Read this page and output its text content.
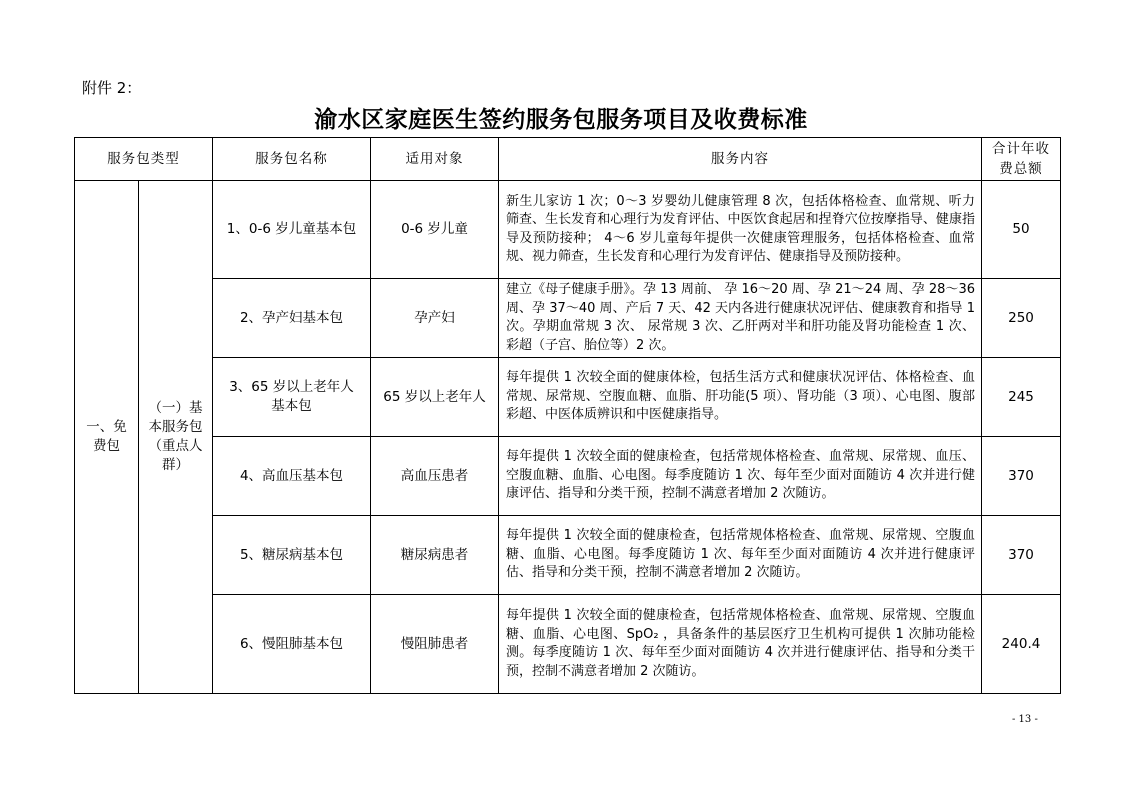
附件 2：
渝水区家庭医生签约服务包服务项目及收费标准
服务包类型		服务包名称	适用对象	服务内容	合计年收费总额
一、免费包	（一）基本服务包（重点人群）	1、0-6 岁儿童基本包	0-6 岁儿童	新生儿家访 1 次；0～3 岁婴幼儿健康管理 8 次，包括体格检查、血常规、听力筛查、生长发育和心理行为发育评估、中医饮食起居和捏脊穴位按摩指导、健康指导及预防接种； 4～6 岁儿童每年提供一次健康管理服务，包括体格检查、血常规、视力筛查，生长发育和心理行为发育评估、健康指导及预防接种。	50
		2、孕产妇基本包	孕产妇	建立《母子健康手册》。孕 13 周前、 孕 16～20 周、孕 21～24 周、孕 28～36 周、孕 37～40 周、产后 7 天、42 天内各进行健康状况评估、健康教育和指导 1 次。孕期血常规 3 次、 尿常规 3 次、乙肝两对半和肝功能及肾功能检查 1 次、彩超（子宫、胎位等）2 次。	250
		3、65 岁以上老年人基本包	65 岁以上老年人	每年提供 1 次较全面的健康体检，包括生活方式和健康状况评估、体格检查、血常规、尿常规、空腹血糖、血脂、肝功能(5 项）、肾功能（3 项）、心电图、腹部彩超、中医体质辨识和中医健康指导。	245
		4、高血压基本包	高血压患者	每年提供 1 次较全面的健康检查，包括常规体格检查、血常规、尿常规、血压、空腹血糖、血脂、心电图。每季度随访 1 次、每年至少面对面随访 4 次并进行健康评估、指导和分类干预，控制不满意者增加 2 次随访。	370
		5、糖尿病基本包	糖尿病患者	每年提供 1 次较全面的健康检查，包括常规体格检查、血常规、尿常规、空腹血糖、血脂、心电图。每季度随访 1 次、每年至少面对面随访 4 次并进行健康评估、指导和分类干预，控制不满意者增加 2 次随访。	370
		6、慢阻肺基本包	慢阻肺患者	每年提供 1 次较全面的健康检查，包括常规体格检查、血常规、尿常规、空腹血糖、血脂、心电图、SpO₂ ，具备条件的基层医疗卫生机构可提供 1 次肺功能检测。每季度随访 1 次、每年至少面对面随访 4 次并进行健康评估、指导和分类干预，控制不满意者增加 2 次随访。	240.4
- 13 -
